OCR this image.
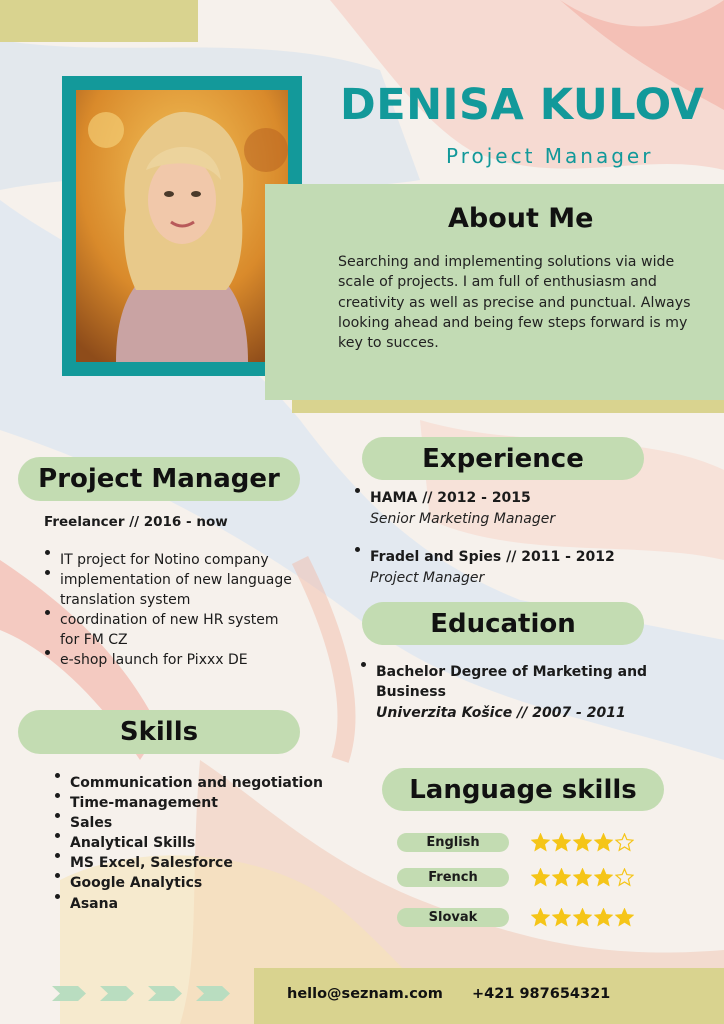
DENISA KULOV
Project Manager
About Me
Searching and implementing solutions via wide scale of projects. I am full of enthusiasm and creativity as well as precise and punctual. Always looking ahead and being few steps forward is my key to succes.
Project Manager
Freelancer // 2016 - now
IT project for Notino company
implementation of new language translation system
coordination of new HR system for FM CZ
e-shop launch for Pixxx DE
Skills
Communication and negotiation
Time-management
Sales
Analytical Skills
MS Excel, Salesforce
Google Analytics
Asana
Experience
HAMA // 2012 - 2015
Senior Marketing Manager
Fradel and Spies // 2011 - 2012
Project Manager
Education
Bachelor Degree of Marketing and Business
Univerzita Košice // 2007 - 2011
Language skills
English
French
Slovak
hello@seznam.com +421 987654321
